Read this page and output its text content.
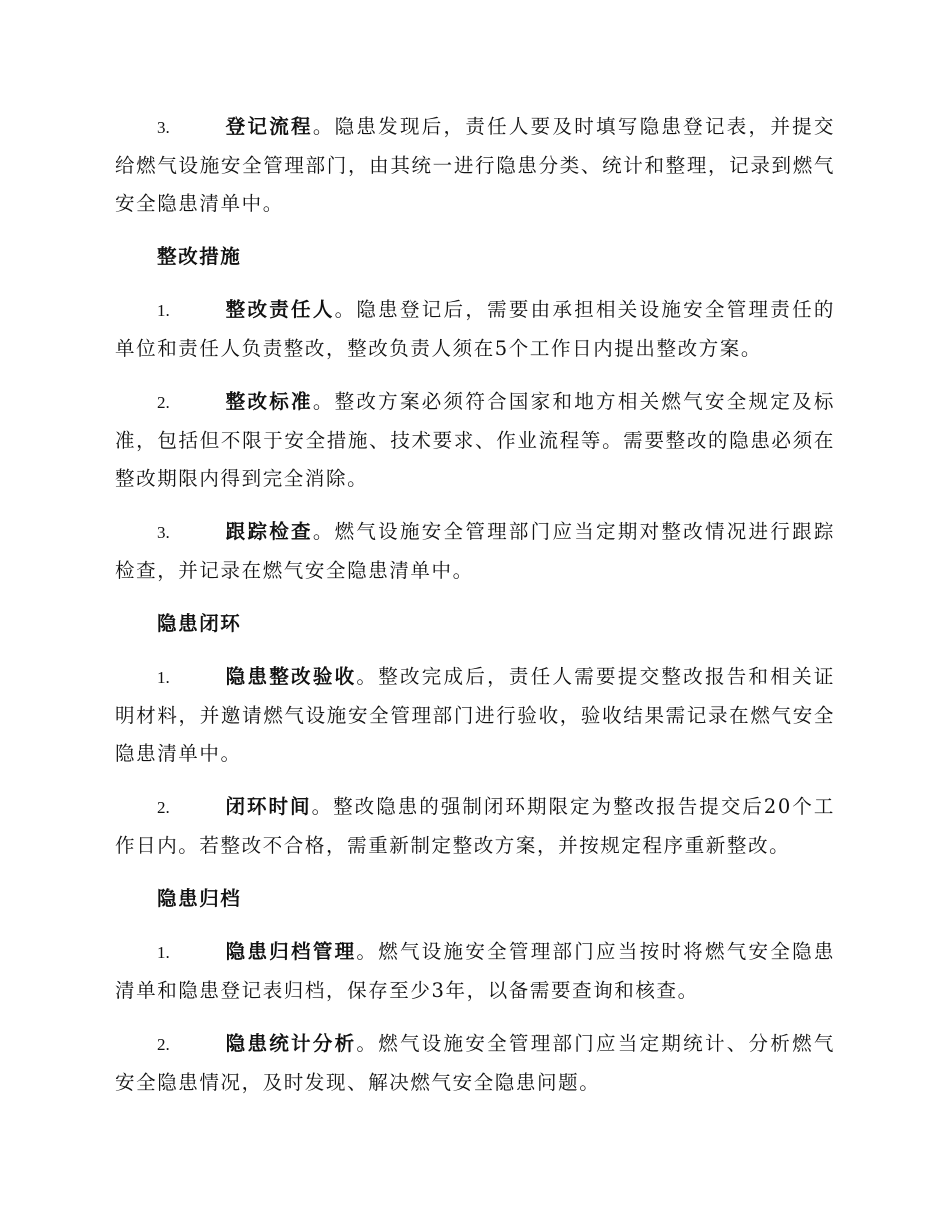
3.	登记流程。隐患发现后，责任人要及时填写隐患登记表，并提交给燃气设施安全管理部门，由其统一进行隐患分类、统计和整理，记录到燃气安全隐患清单中。

整改措施

1.	整改责任人。隐患登记后，需要由承担相关设施安全管理责任的单位和责任人负责整改，整改负责人须在5个工作日内提出整改方案。

2.	整改标准。整改方案必须符合国家和地方相关燃气安全规定及标准，包括但不限于安全措施、技术要求、作业流程等。需要整改的隐患必须在整改期限内得到完全消除。

3.	跟踪检查。燃气设施安全管理部门应当定期对整改情况进行跟踪检查，并记录在燃气安全隐患清单中。

隐患闭环

1.	隐患整改验收。整改完成后，责任人需要提交整改报告和相关证明材料，并邀请燃气设施安全管理部门进行验收，验收结果需记录在燃气安全隐患清单中。

2.	闭环时间。整改隐患的强制闭环期限定为整改报告提交后20个工作日内。若整改不合格，需重新制定整改方案，并按规定程序重新整改。

隐患归档

1.	隐患归档管理。燃气设施安全管理部门应当按时将燃气安全隐患清单和隐患登记表归档，保存至少3年，以备需要查询和核查。

2.	隐患统计分析。燃气设施安全管理部门应当定期统计、分析燃气安全隐患情况，及时发现、解决燃气安全隐患问题。
